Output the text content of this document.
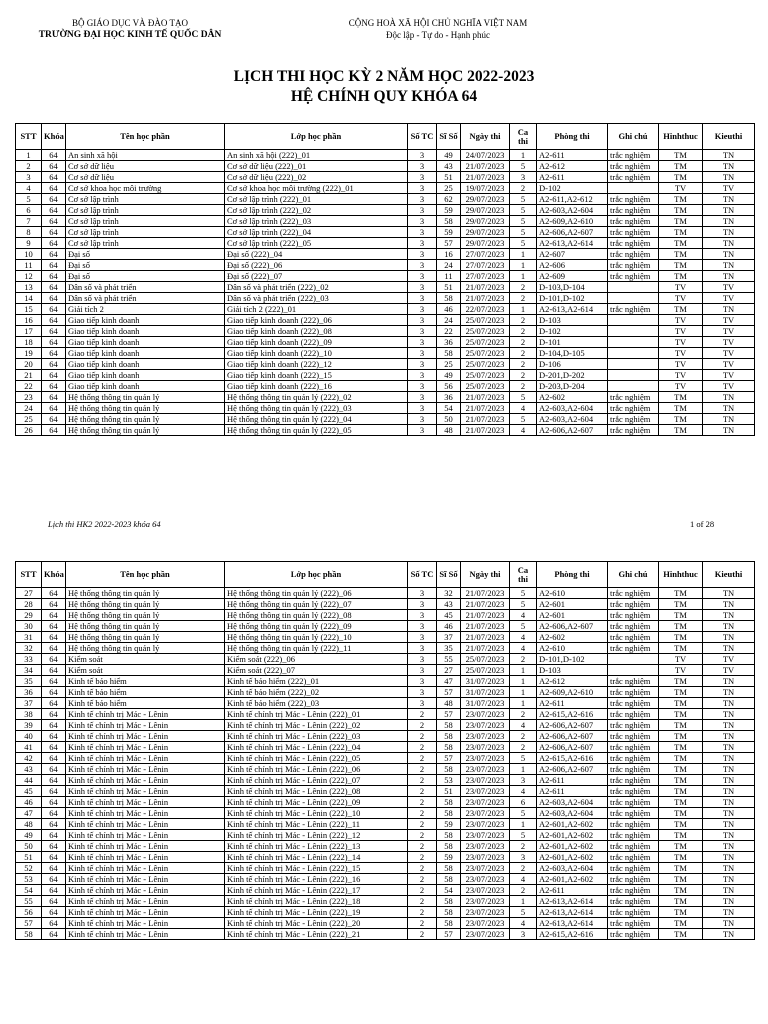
BỘ GIÁO DỤC VÀ ĐÀO TẠO
TRƯỜNG ĐẠI HỌC KINH TẾ QUỐC DÂN
CỘNG HOÀ XÃ HỘI CHỦ NGHĨA VIỆT NAM
Độc lập - Tự do - Hạnh phúc
LỊCH THI HỌC KỲ 2 NĂM HỌC 2022-2023
HỆ CHÍNH QUY KHÓA 64
STT	Khóa	Tên học phần	Lớp học phần	Số TC	Sĩ Số	Ngày thi	Ca thi	Phòng thi	Ghi chú	Hinhthuc	Kieuthi
1	64	An sinh xã hội	An sinh xã hội (222)_01	3	49	24/07/2023	1	A2-611	trắc nghiệm	TM	TN
2	64	Cơ sở dữ liệu	Cơ sở dữ liệu (222)_01	3	43	21/07/2023	5	A2-612	trắc nghiệm	TM	TN
3	64	Cơ sở dữ liệu	Cơ sở dữ liệu (222)_02	3	51	21/07/2023	3	A2-611	trắc nghiệm	TM	TN
4	64	Cơ sở khoa học môi trường	Cơ sở khoa học môi trường (222)_01	3	25	19/07/2023	2	D-102		TV	TV
5	64	Cơ sở lập trình	Cơ sở lập trình (222)_01	3	62	29/07/2023	5	A2-611,A2-612	trắc nghiệm	TM	TN
6	64	Cơ sở lập trình	Cơ sở lập trình (222)_02	3	59	29/07/2023	5	A2-603,A2-604	trắc nghiệm	TM	TN
7	64	Cơ sở lập trình	Cơ sở lập trình (222)_03	3	58	29/07/2023	5	A2-609,A2-610	trắc nghiệm	TM	TN
8	64	Cơ sở lập trình	Cơ sở lập trình (222)_04	3	59	29/07/2023	5	A2-606,A2-607	trắc nghiệm	TM	TN
9	64	Cơ sở lập trình	Cơ sở lập trình (222)_05	3	57	29/07/2023	5	A2-613,A2-614	trắc nghiệm	TM	TN
10	64	Đại số	Đại số (222)_04	3	16	27/07/2023	1	A2-607	trắc nghiệm	TM	TN
11	64	Đại số	Đại số (222)_06	3	24	27/07/2023	1	A2-606	trắc nghiệm	TM	TN
12	64	Đại số	Đại số (222)_07	3	11	27/07/2023	1	A2-609	trắc nghiệm	TM	TN
13	64	Dân số và phát triển	Dân số và phát triển (222)_02	3	51	21/07/2023	2	D-103,D-104		TV	TV
14	64	Dân số và phát triển	Dân số và phát triển (222)_03	3	58	21/07/2023	2	D-101,D-102		TV	TV
15	64	Giải tích 2	Giải tích 2 (222)_01	3	46	22/07/2023	1	A2-613,A2-614	trắc nghiệm	TM	TN
16	64	Giao tiếp kinh doanh	Giao tiếp kinh doanh (222)_06	3	24	25/07/2023	2	D-103		TV	TV
17	64	Giao tiếp kinh doanh	Giao tiếp kinh doanh (222)_08	3	22	25/07/2023	2	D-102		TV	TV
18	64	Giao tiếp kinh doanh	Giao tiếp kinh doanh (222)_09	3	36	25/07/2023	2	D-101		TV	TV
19	64	Giao tiếp kinh doanh	Giao tiếp kinh doanh (222)_10	3	58	25/07/2023	2	D-104,D-105		TV	TV
20	64	Giao tiếp kinh doanh	Giao tiếp kinh doanh (222)_12	3	25	25/07/2023	2	D-106		TV	TV
21	64	Giao tiếp kinh doanh	Giao tiếp kinh doanh (222)_15	3	49	25/07/2023	2	D-201,D-202		TV	TV
22	64	Giao tiếp kinh doanh	Giao tiếp kinh doanh (222)_16	3	56	25/07/2023	2	D-203,D-204		TV	TV
23	64	Hệ thống thông tin quản lý	Hệ thống thông tin quản lý (222)_02	3	36	21/07/2023	5	A2-602	trắc nghiệm	TM	TN
24	64	Hệ thống thông tin quản lý	Hệ thống thông tin quản lý (222)_03	3	54	21/07/2023	4	A2-603,A2-604	trắc nghiệm	TM	TN
25	64	Hệ thống thông tin quản lý	Hệ thống thông tin quản lý (222)_04	3	50	21/07/2023	5	A2-603,A2-604	trắc nghiệm	TM	TN
26	64	Hệ thống thông tin quản lý	Hệ thống thông tin quản lý (222)_05	3	48	21/07/2023	4	A2-606,A2-607	trắc nghiệm	TM	TN
Lịch thi HK2 2022-2023 khóa 64	1 of 28
STT	Khóa	Tên học phần	Lớp học phần	Số TC	Sĩ Số	Ngày thi	Ca thi	Phòng thi	Ghi chú	Hinhthuc	Kieuthi
27	64	Hệ thống thông tin quản lý	Hệ thống thông tin quản lý (222)_06	3	32	21/07/2023	5	A2-610	trắc nghiệm	TM	TN
28	64	Hệ thống thông tin quản lý	Hệ thống thông tin quản lý (222)_07	3	43	21/07/2023	5	A2-601	trắc nghiệm	TM	TN
29	64	Hệ thống thông tin quản lý	Hệ thống thông tin quản lý (222)_08	3	45	21/07/2023	4	A2-601	trắc nghiệm	TM	TN
30	64	Hệ thống thông tin quản lý	Hệ thống thông tin quản lý (222)_09	3	46	21/07/2023	5	A2-606,A2-607	trắc nghiệm	TM	TN
31	64	Hệ thống thông tin quản lý	Hệ thống thông tin quản lý (222)_10	3	37	21/07/2023	4	A2-602	trắc nghiệm	TM	TN
32	64	Hệ thống thông tin quản lý	Hệ thống thông tin quản lý (222)_11	3	35	21/07/2023	4	A2-610	trắc nghiệm	TM	TN
33	64	Kiểm soát	Kiểm soát (222)_06	3	55	25/07/2023	2	D-101,D-102		TV	TV
34	64	Kiểm soát	Kiểm soát (222)_07	3	27	25/07/2023	1	D-103		TV	TV
35	64	Kinh tế bảo hiểm	Kinh tế bảo hiểm (222)_01	3	47	31/07/2023	1	A2-612	trắc nghiệm	TM	TN
36	64	Kinh tế bảo hiểm	Kinh tế bảo hiểm (222)_02	3	57	31/07/2023	1	A2-609,A2-610	trắc nghiệm	TM	TN
37	64	Kinh tế bảo hiểm	Kinh tế bảo hiểm (222)_03	3	48	31/07/2023	1	A2-611	trắc nghiệm	TM	TN
38	64	Kinh tế chính trị Mác - Lênin	Kinh tế chính trị Mác - Lênin (222)_01	2	57	23/07/2023	2	A2-615,A2-616	trắc nghiệm	TM	TN
39	64	Kinh tế chính trị Mác - Lênin	Kinh tế chính trị Mác - Lênin (222)_02	2	58	23/07/2023	4	A2-606,A2-607	trắc nghiệm	TM	TN
40	64	Kinh tế chính trị Mác - Lênin	Kinh tế chính trị Mác - Lênin (222)_03	2	58	23/07/2023	2	A2-606,A2-607	trắc nghiệm	TM	TN
41	64	Kinh tế chính trị Mác - Lênin	Kinh tế chính trị Mác - Lênin (222)_04	2	58	23/07/2023	2	A2-606,A2-607	trắc nghiệm	TM	TN
42	64	Kinh tế chính trị Mác - Lênin	Kinh tế chính trị Mác - Lênin (222)_05	2	57	23/07/2023	5	A2-615,A2-616	trắc nghiệm	TM	TN
43	64	Kinh tế chính trị Mác - Lênin	Kinh tế chính trị Mác - Lênin (222)_06	2	58	23/07/2023	1	A2-606,A2-607	trắc nghiệm	TM	TN
44	64	Kinh tế chính trị Mác - Lênin	Kinh tế chính trị Mác - Lênin (222)_07	2	53	23/07/2023	3	A2-611	trắc nghiệm	TM	TN
45	64	Kinh tế chính trị Mác - Lênin	Kinh tế chính trị Mác - Lênin (222)_08	2	51	23/07/2023	4	A2-611	trắc nghiệm	TM	TN
46	64	Kinh tế chính trị Mác - Lênin	Kinh tế chính trị Mác - Lênin (222)_09	2	58	23/07/2023	6	A2-603,A2-604	trắc nghiệm	TM	TN
47	64	Kinh tế chính trị Mác - Lênin	Kinh tế chính trị Mác - Lênin (222)_10	2	58	23/07/2023	5	A2-603,A2-604	trắc nghiệm	TM	TN
48	64	Kinh tế chính trị Mác - Lênin	Kinh tế chính trị Mác - Lênin (222)_11	2	59	23/07/2023	1	A2-601,A2-602	trắc nghiệm	TM	TN
49	64	Kinh tế chính trị Mác - Lênin	Kinh tế chính trị Mác - Lênin (222)_12	2	58	23/07/2023	5	A2-601,A2-602	trắc nghiệm	TM	TN
50	64	Kinh tế chính trị Mác - Lênin	Kinh tế chính trị Mác - Lênin (222)_13	2	58	23/07/2023	2	A2-601,A2-602	trắc nghiệm	TM	TN
51	64	Kinh tế chính trị Mác - Lênin	Kinh tế chính trị Mác - Lênin (222)_14	2	59	23/07/2023	3	A2-601,A2-602	trắc nghiệm	TM	TN
52	64	Kinh tế chính trị Mác - Lênin	Kinh tế chính trị Mác - Lênin (222)_15	2	58	23/07/2023	2	A2-603,A2-604	trắc nghiệm	TM	TN
53	64	Kinh tế chính trị Mác - Lênin	Kinh tế chính trị Mác - Lênin (222)_16	2	58	23/07/2023	4	A2-601,A2-602	trắc nghiệm	TM	TN
54	64	Kinh tế chính trị Mác - Lênin	Kinh tế chính trị Mác - Lênin (222)_17	2	54	23/07/2023	2	A2-611	trắc nghiệm	TM	TN
55	64	Kinh tế chính trị Mác - Lênin	Kinh tế chính trị Mác - Lênin (222)_18	2	58	23/07/2023	1	A2-613,A2-614	trắc nghiệm	TM	TN
56	64	Kinh tế chính trị Mác - Lênin	Kinh tế chính trị Mác - Lênin (222)_19	2	58	23/07/2023	5	A2-613,A2-614	trắc nghiệm	TM	TN
57	64	Kinh tế chính trị Mác - Lênin	Kinh tế chính trị Mác - Lênin (222)_20	2	58	23/07/2023	4	A2-613,A2-614	trắc nghiệm	TM	TN
58	64	Kinh tế chính trị Mác - Lênin	Kinh tế chính trị Mác - Lênin (222)_21	2	57	23/07/2023	3	A2-615,A2-616	trắc nghiệm	TM	TN
